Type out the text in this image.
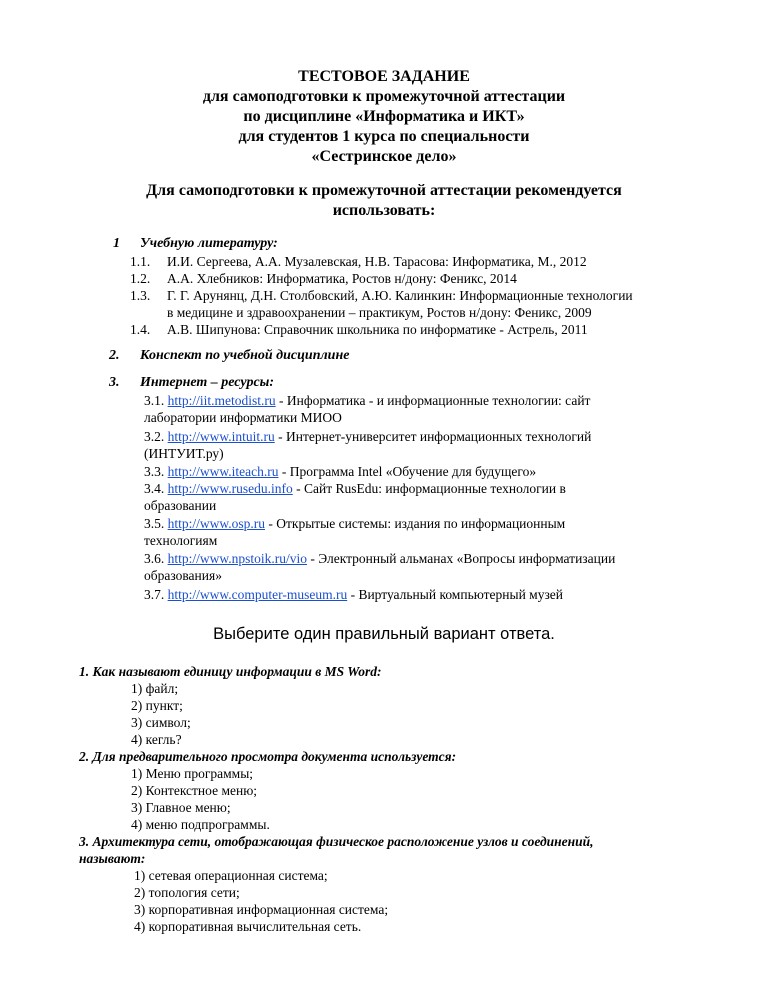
ТЕСТОВОЕ ЗАДАНИЕ
для самоподготовки к промежуточной аттестации
по дисциплине «Информатика и ИКТ»
для студентов 1 курса по специальности
«Сестринское дело»
Для самоподготовки к промежуточной аттестации рекомендуется
использовать:
1 Учебную литературу:
1.1. И.И. Сергеева, А.А. Музалевская, Н.В. Тарасова: Информатика, М., 2012
1.2. А.А. Хлебников: Информатика, Ростов н/дону: Феникс, 2014
1.3. Г. Г. Арунянц, Д.Н. Столбовский, А.Ю. Калинкин: Информационные технологии
в медицине и здравоохранении – практикум, Ростов н/дону: Феникс, 2009
1.4. А.В. Шипунова: Справочник школьника по информатике - Астрель, 2011
2. Конспект по учебной дисциплине
3. Интернет – ресурсы:
3.1. http://iit.metodist.ru - Информатика - и информационные технологии: сайт
лаборатории информатики МИОО
3.2. http://www.intuit.ru - Интернет-университет информационных технологий
(ИНТУИТ.ру)
3.3. http://www.iteach.ru - Программа Intel «Обучение для будущего»
3.4. http://www.rusedu.info - Сайт RusEdu: информационные технологии в
образовании
3.5. http://www.osp.ru - Открытые системы: издания по информационным
технологиям
3.6. http://www.npstoik.ru/vio - Электронный альманах «Вопросы информатизации
образования»
3.7. http://www.computer-museum.ru - Виртуальный компьютерный музей
Выберите один правильный вариант ответа.
1. Как называют единицу информации в MS Word:
1) файл;
2) пункт;
3) символ;
4) кегль?
2. Для предварительного просмотра документа используется:
1) Меню программы;
2) Контекстное меню;
3) Главное меню;
4) меню подпрограммы.
3. Архитектура сети, отображающая физическое расположение узлов и соединений,
называют:
1) сетевая операционная система;
2) топология сети;
3) корпоративная информационная система;
4) корпоративная вычислительная сеть.
